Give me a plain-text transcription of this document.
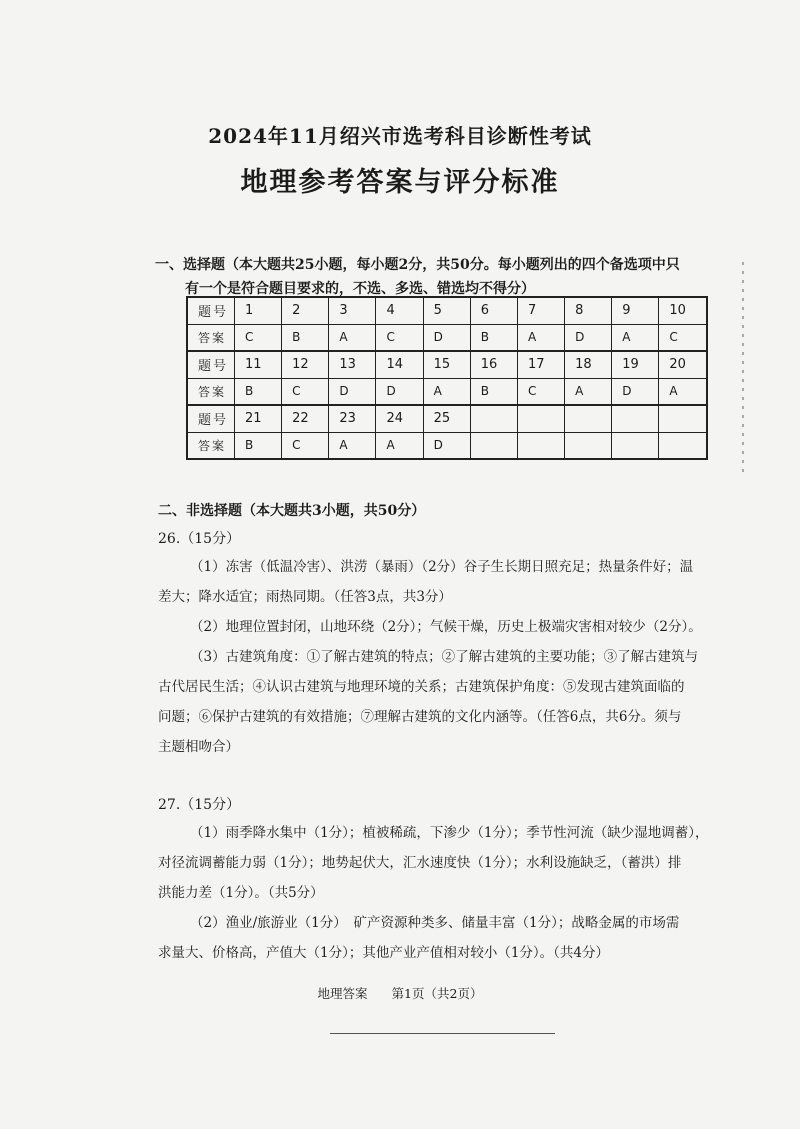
2024年11月绍兴市选考科目诊断性考试
地理参考答案与评分标准
一、选择题（本大题共25小题，每小题2分，共50分。每小题列出的四个备选项中只
有一个是符合题目要求的，不选、多选、错选均不得分）
题号	1	2	3	4	5	6	7	8	9	10
答案	C	B	A	C	D	B	A	D	A	C
题号	11	12	13	14	15	16	17	18	19	20
答案	B	C	D	D	A	B	C	A	D	A
题号	21	22	23	24	25					
答案	B	C	A	A	D					
二、非选择题（本大题共3小题，共50分）
26.（15分）
（1）冻害（低温冷害）、洪涝（暴雨）（2分）谷子生长期日照充足；热量条件好；温
差大；降水适宜；雨热同期。（任答3点，共3分）
（2）地理位置封闭，山地环绕（2分）；气候干燥，历史上极端灾害相对较少（2分）。
（3）古建筑角度：①了解古建筑的特点；②了解古建筑的主要功能；③了解古建筑与
古代居民生活；④认识古建筑与地理环境的关系；古建筑保护角度：⑤发现古建筑面临的
问题；⑥保护古建筑的有效措施；⑦理解古建筑的文化内涵等。（任答6点，共6分。须与
主题相吻合）
27.（15分）
（1）雨季降水集中（1分）；植被稀疏，下渗少（1分）；季节性河流（缺少湿地调蓄），
对径流调蓄能力弱（1分）；地势起伏大，汇水速度快（1分）；水利设施缺乏，（蓄洪）排
洪能力差（1分）。（共5分）
（2）渔业/旅游业（1分）　矿产资源种类多、储量丰富（1分）；战略金属的市场需
求量大、价格高，产值大（1分）；其他产业产值相对较小（1分）。（共4分）
地理答案 第1页（共2页）
